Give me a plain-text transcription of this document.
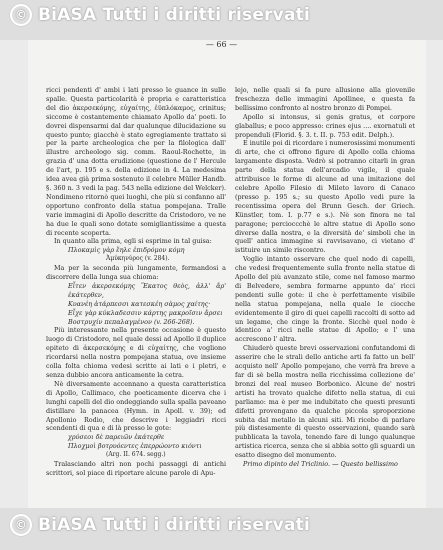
© BiASA Tutti i diritti riservati
— 66 —

ricci pendenti d' ambi i lati presso le guance in sulle spalle. Questa particolarità è propria e caratteristica del dio ἀκερσεκόμης, εὐχαίτης, ἐϋπλόκαμος, crinitus; siccome è costantemente chiamato Apollo da' poeti. Io dovrei dispensarmi dal dar qualunque dilucidazione su questo punto; giacchè è stato egregiamente trattato si per la parte archeologica che per la filologica dall' illustre archeologo sig. comm. Raoul-Rochette, in grazia d' una dotta erudizione (questione de l' Hercule de l'art, p. 195 e s. della edizione in 4. La medesima idea avea già prima sostenuto il celebre Müller Handb. §. 360 n. 3 vedi la pag. 543 nella edizione del Welcker). Nondimeno ritornò quei luoghi, che più si confanno all' opportuno confronto della statua pompejana. Tralle varie immagini di Apollo descritte da Cristodoro, ve ne ha due le quali sono dotate somigliantissime a questa di recente scoperta.

In quanto alla prima, egli si esprime in tal guisa:

Πλοκαμὶς γὰρ ἔηλε ἐπιδρόμον κόμη

Ἀμύκηνύρος (v. 284).

Ma per la seconda più lungamente, fermandosi a discorrere della lunga sua chioma:

Εἶτεν ἀκερσεκόμης Ἕκατος θεὸς, ἀλλ' ἄρ' ἐκάτερθεν,

Κυανέη ἀτάρπεσσι κατεσκέη σὰμος χαίτης·

Εἶχε γὰρ κύκλαδεσσιν κάρτης μακροῖσιν ἄρσει

Βοστρυχίν πεπαλαγμένον (v. 266-268).

Più interessante nella presente occasione è questo luogo di Cristodoro, nel quale dessi ad Apollo il duplice epiteto di ἀκερσεκόμης e di εὐχαίτης, che vogliono ricordarsi nella nostra pompejana statua, ove insieme colla folta chioma vedesi scritte ai lati e i pletri, e senza dubbio ancora anticamente la cetra.

Nè diversamente accennano a questa caratteristica di Apollo, Callimaco, che poeticamente dicerva che i lunghi capelli del dio ondeggiando sulla spalla paveano distillare la panacea (Hymn. in Apoll. v. 39); ed Apollonio Rodio, che descrive i leggiadri ricci scendenti di qua e di là presso le gote:

χρύσεοι δὲ παρειῶν ἐκάτερθε

Πλοχμοὶ βοτρυόεντες ἐπερρώοντο κιόντι

(Arg. II. 674. segg.)

Tralasciando altri non pochi passaggi di antichi scrittori, sol piace di riportare alcune parole di Apu-

lejo, nelle quali si fa pure allusione alla giovenile freschezza delle immagini Apollinee, e questa fa bellissimo confronto al nostro bronzo di Pompei.

Apollo si intonsus, si genis gratus, et corpore glaballus; e poco appresso: crines ejus .... exornatuli et propenduli (Florid. §. 3. t. II. p. 753 edit. Delph.).

E inutile poi di ricordare i numerosissimi monumenti di arte, che ci offrono figure di Apollo colla chioma largamente disposta. Vedrò si potranno citarli in gran parte della statua dell'arcadio vigile, il quale attribuisce le forme di alcune ad una imitazione del celebre Apollo Filesio di Mileto lavoro di Canaco (presso p. 195 s.; su questo Apollo vedi pure la recentissima opera del Brunn Gesch. der Griech. Künstler, tom. I. p.77 e s.). Nè son finora ne tal paragone; percioccchè le altre statue di Apollo sono diverse dalla nostra, e la diversità de' simboli che in quell' antica immagine si ravvisavano, ci vietano d' istituire un simile riscontro.

Voglio intanto osservare che quel nodo di capelli, che vedesi frequentemente sulla fronte nella statue di Apollo del più avanzato stile, come nel famoso marmo di Belvedere, sembra formarne appunto da' ricci pendenti sulle gote: il che è perfettamente visibile nella statua pompejana, nella quale le ciocche evidentemente il giro di quei capelli raccolti di sotto ad un legame, che cinge la fronte. Sicchè quel nodo è identico a' ricci nelle statue di Apollo; e l' una accrescono l' altra.

Chiuderò queste brevi osservazioni confutandomi di asserire che le strali dello antiche arti fa fatto un bell' acquisto nell' Apollo pompejano, che verrà fra breve a far di sè bella mostra nella ricchissima collezione de' bronzi del real museo Borbonico. Alcune de' nostri artisti ha trovato qualche difetto nella statua, di cui parliamo: ma è per me indubitato che questi presunti difetti provengano da qualche piccola sproporzione subita dal metallo in alcuni siti. Mi ricebo di parlare più distesamente di questo osservazioni, quando sarà pubblicata la tavola, tenendo fare di lungo qualunque artistica ricerca, senza che si abbia sotto gli sguardi un esatto disegno del monumento.

Primo dipinto del Triclinio. — Questo bellissimo

© BiASA Tutti i diritti riservati
